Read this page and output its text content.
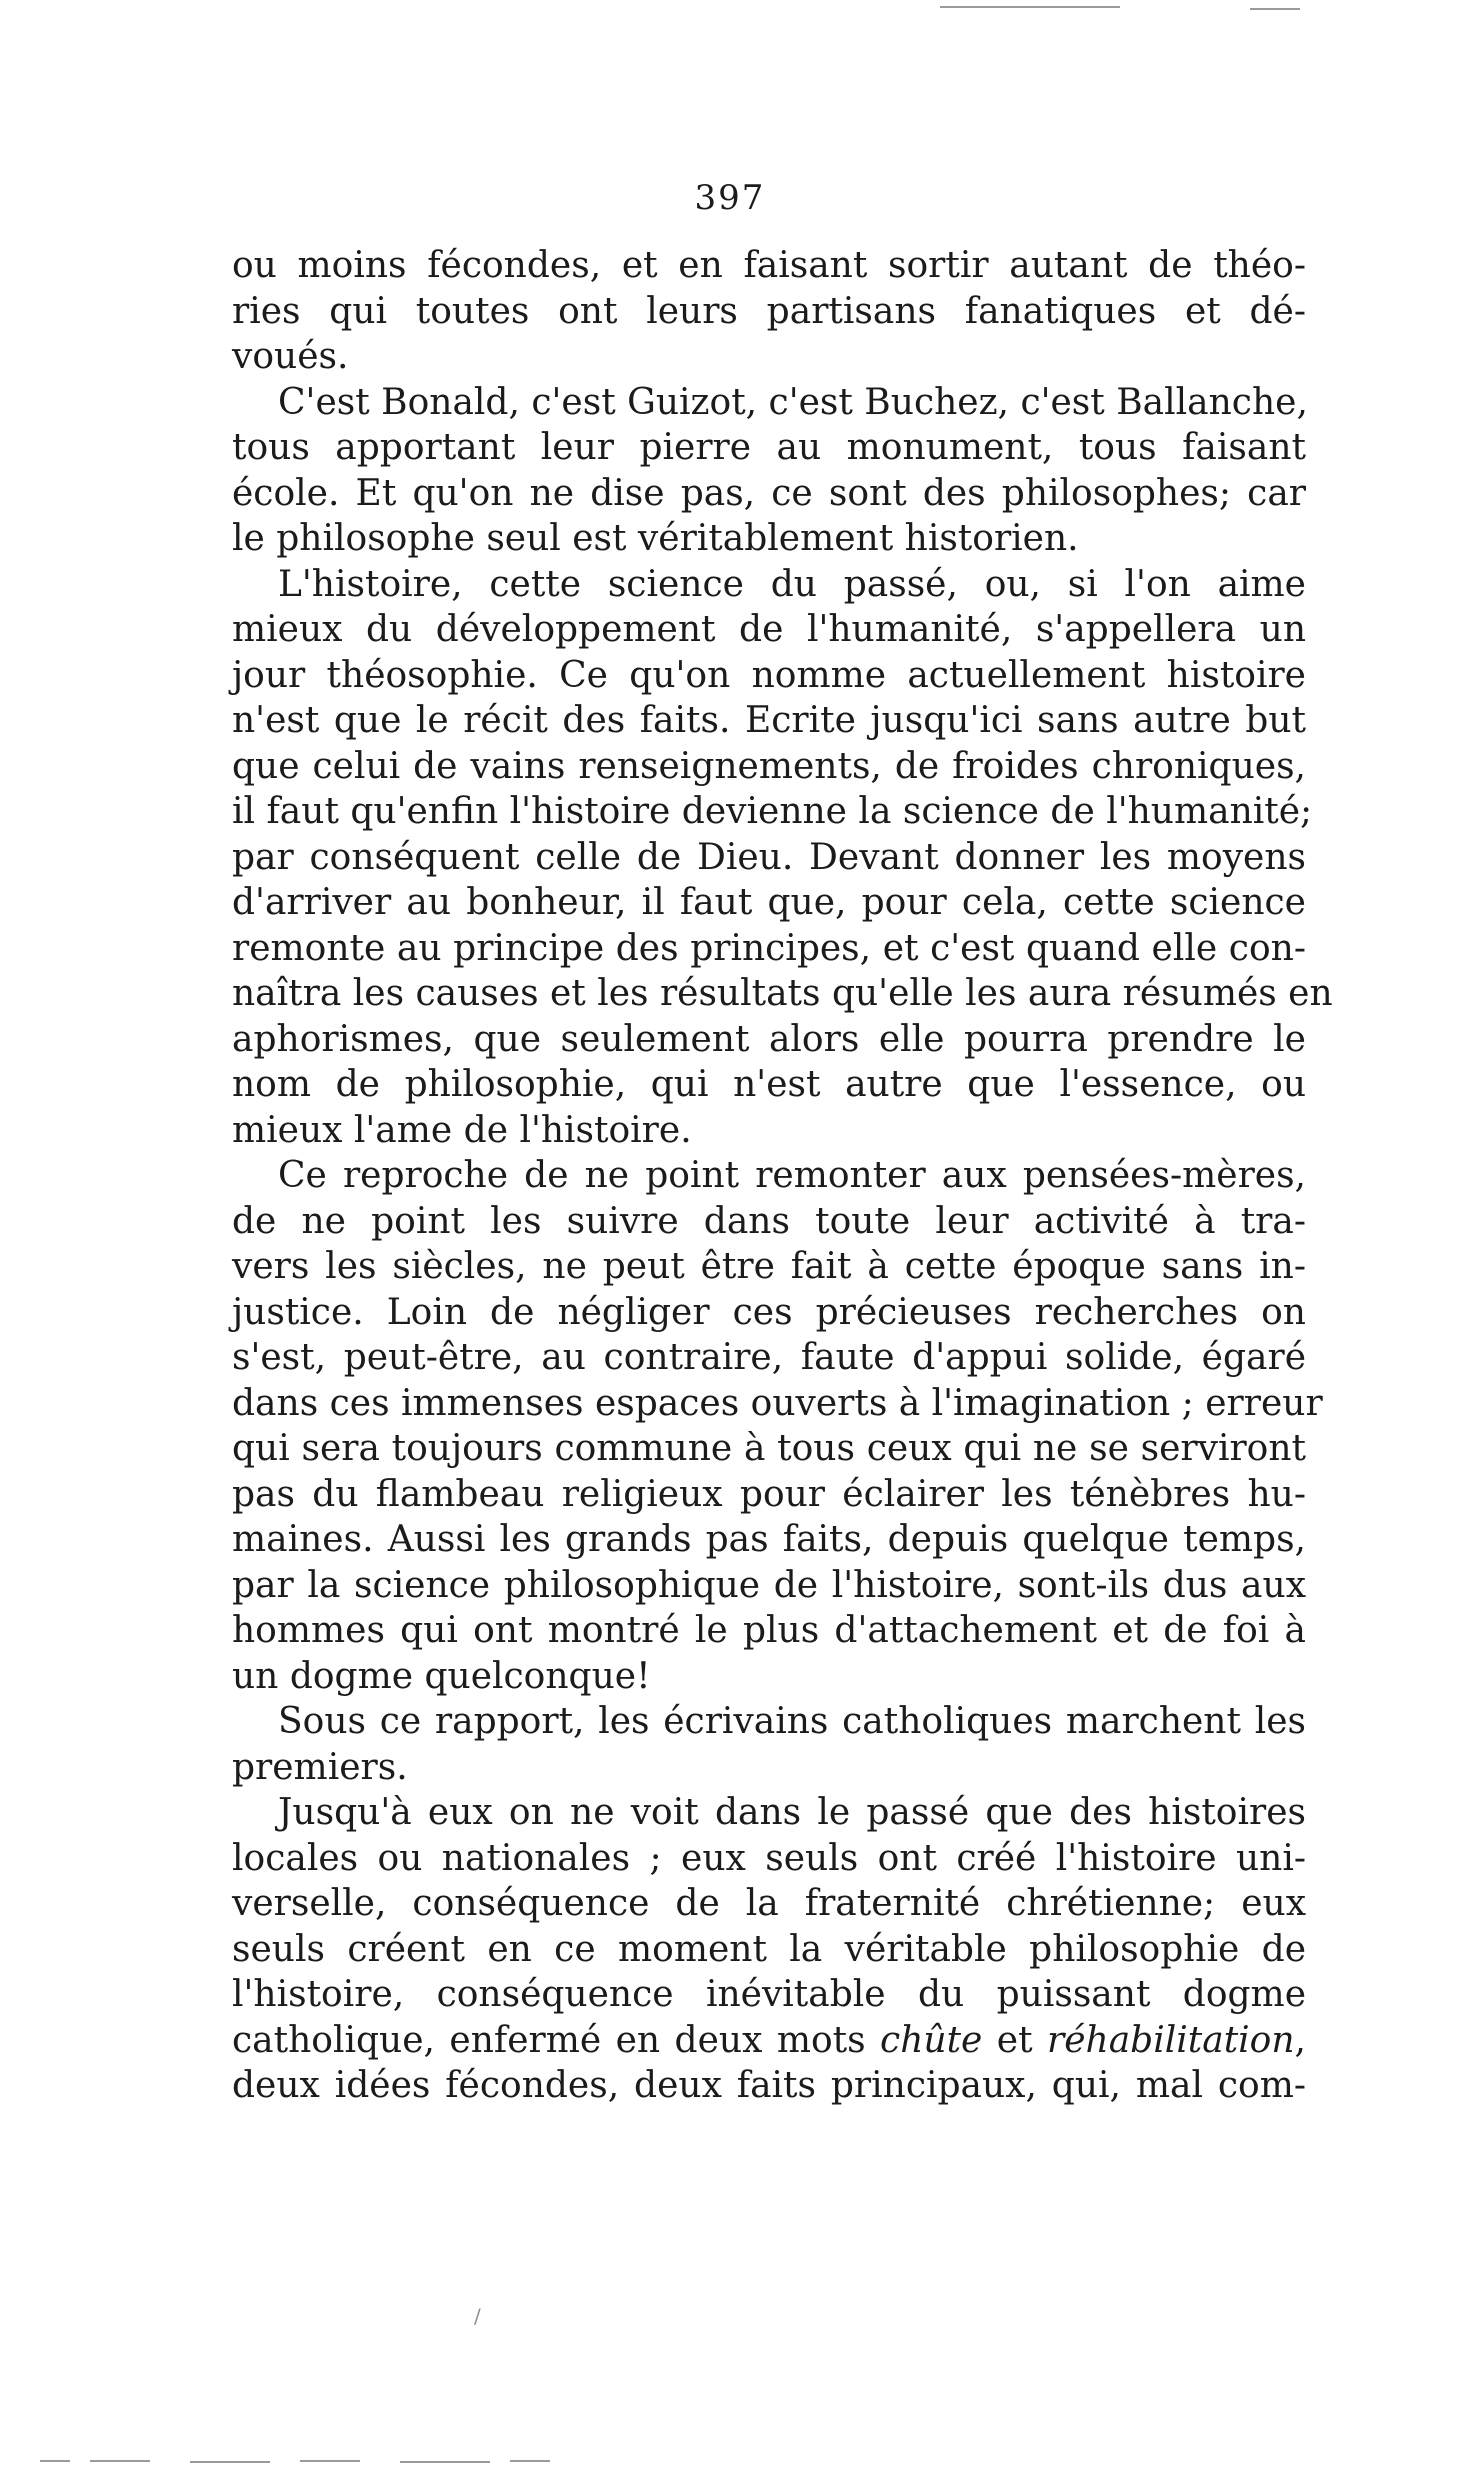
397
ou moins fécondes, et en faisant sortir autant de théo-
ries qui toutes ont leurs partisans fanatiques et dé-
voués.
C'est Bonald, c'est Guizot, c'est Buchez, c'est Ballanche,
tous apportant leur pierre au monument, tous faisant
école. Et qu'on ne dise pas, ce sont des philosophes; car
le philosophe seul est véritablement historien.
L'histoire, cette science du passé, ou, si l'on aime
mieux du développement de l'humanité, s'appellera un
jour théosophie. Ce qu'on nomme actuellement histoire
n'est que le récit des faits. Ecrite jusqu'ici sans autre but
que celui de vains renseignements, de froides chroniques,
il faut qu'enfin l'histoire devienne la science de l'humanité;
par conséquent celle de Dieu. Devant donner les moyens
d'arriver au bonheur, il faut que, pour cela, cette science
remonte au principe des principes, et c'est quand elle con-
naîtra les causes et les résultats qu'elle les aura résumés en
aphorismes, que seulement alors elle pourra prendre le
nom de philosophie, qui n'est autre que l'essence, ou
mieux l'ame de l'histoire.
Ce reproche de ne point remonter aux pensées-mères,
de ne point les suivre dans toute leur activité à tra-
vers les siècles, ne peut être fait à cette époque sans in-
justice. Loin de négliger ces précieuses recherches on
s'est, peut-être, au contraire, faute d'appui solide, égaré
dans ces immenses espaces ouverts à l'imagination ; erreur
qui sera toujours commune à tous ceux qui ne se serviront
pas du flambeau religieux pour éclairer les ténèbres hu-
maines. Aussi les grands pas faits, depuis quelque temps,
par la science philosophique de l'histoire, sont-ils dus aux
hommes qui ont montré le plus d'attachement et de foi à
un dogme quelconque!
Sous ce rapport, les écrivains catholiques marchent les
premiers.
Jusqu'à eux on ne voit dans le passé que des histoires
locales ou nationales ; eux seuls ont créé l'histoire uni-
verselle, conséquence de la fraternité chrétienne; eux
seuls créent en ce moment la véritable philosophie de
l'histoire, conséquence inévitable du puissant dogme
catholique, enfermé en deux mots chûte et réhabilitation,
deux idées fécondes, deux faits principaux, qui, mal com-
/
